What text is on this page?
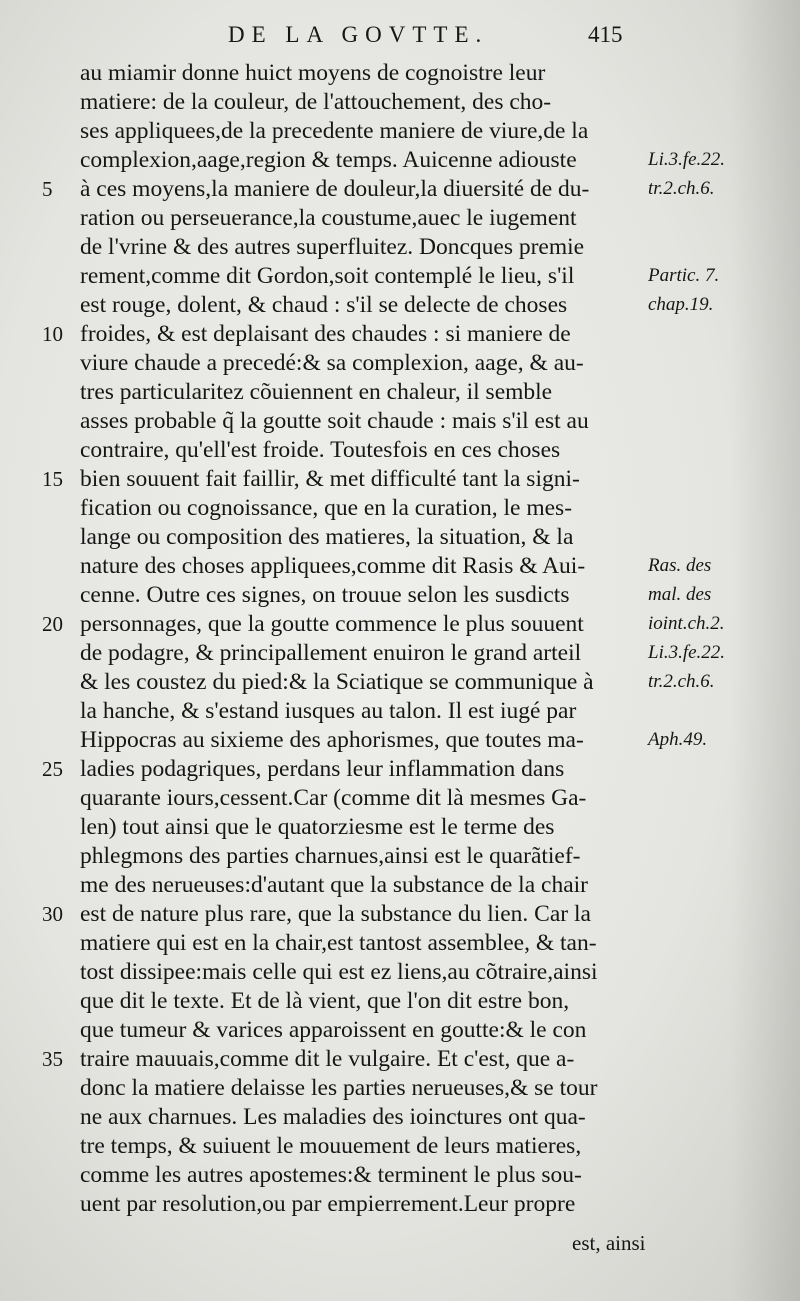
DE LA GOVTTE.	415
au miamir donne huict moyens de cognoistre leur
matiere: de la couleur, de l'attouchement, des cho-
ses appliquees,de la precedente maniere de viure,de la
complexion,aage,region & temps. Auicenne adiouste
à ces moyens,la maniere de douleur,la diuersité de du-
ration ou perseuerance,la coustume,auec le iugement
de l'vrine & des autres superfluitez. Doncques premie
rement,comme dit Gordon,soit contemplé le lieu, s'il
est rouge, dolent, & chaud : s'il se delecte de choses
froides, & est deplaisant des chaudes : si maniere de
viure chaude a precedé:& sa complexion, aage, & au-
tres particularitez cõuiennent en chaleur, il semble
asses probable q̃ la goutte soit chaude : mais s'il est au
contraire, qu'ell'est froide. Toutesfois en ces choses
bien souuent fait faillir, & met difficulté tant la signi-
fication ou cognoissance, que en la curation, le mes-
lange ou composition des matieres, la situation, & la
nature des choses appliquees,comme dit Rasis & Aui-
cenne. Outre ces signes, on trouue selon les susdicts
personnages, que la goutte commence le plus souuent
de podagre, & principallement enuiron le grand arteil
& les coustez du pied:& la Sciatique se communique à
la hanche, & s'estand iusques au talon. Il est iugé par
Hippocras au sixieme des aphorismes, que toutes ma-
ladies podagriques, perdans leur inflammation dans
quarante iours,cessent.Car (comme dit là mesmes Ga-
len) tout ainsi que le quatorziesme est le terme des
phlegmons des parties charnues,ainsi est le quarãtief-
me des nerueuses:d'autant que la substance de la chair
est de nature plus rare, que la substance du lien. Car la
matiere qui est en la chair,est tantost assemblee, & tan-
tost dissipee:mais celle qui est ez liens,au cõtraire,ainsi
que dit le texte. Et de là vient, que l'on dit estre bon,
que tumeur & varices apparoissent en goutte:& le con
traire mauuais,comme dit le vulgaire. Et c'est, que a-
donc la matiere delaisse les parties nerueuses,& se tour
ne aux charnues. Les maladies des ioinctures ont qua-
tre temps, & suiuent le mouuement de leurs matieres,
comme les autres apostemes:& terminent le plus sou-
uent par resolution,ou par empierrement.Leur propre
5
10
15
20
25
30
35
Li.3.fe.22.
tr.2.ch.6.
Partic. 7.
chap.19.
Ras. des
mal. des
ioint.ch.2.
Li.3.fe.22.
tr.2.ch.6.
Aph.49.
est, ainsi
